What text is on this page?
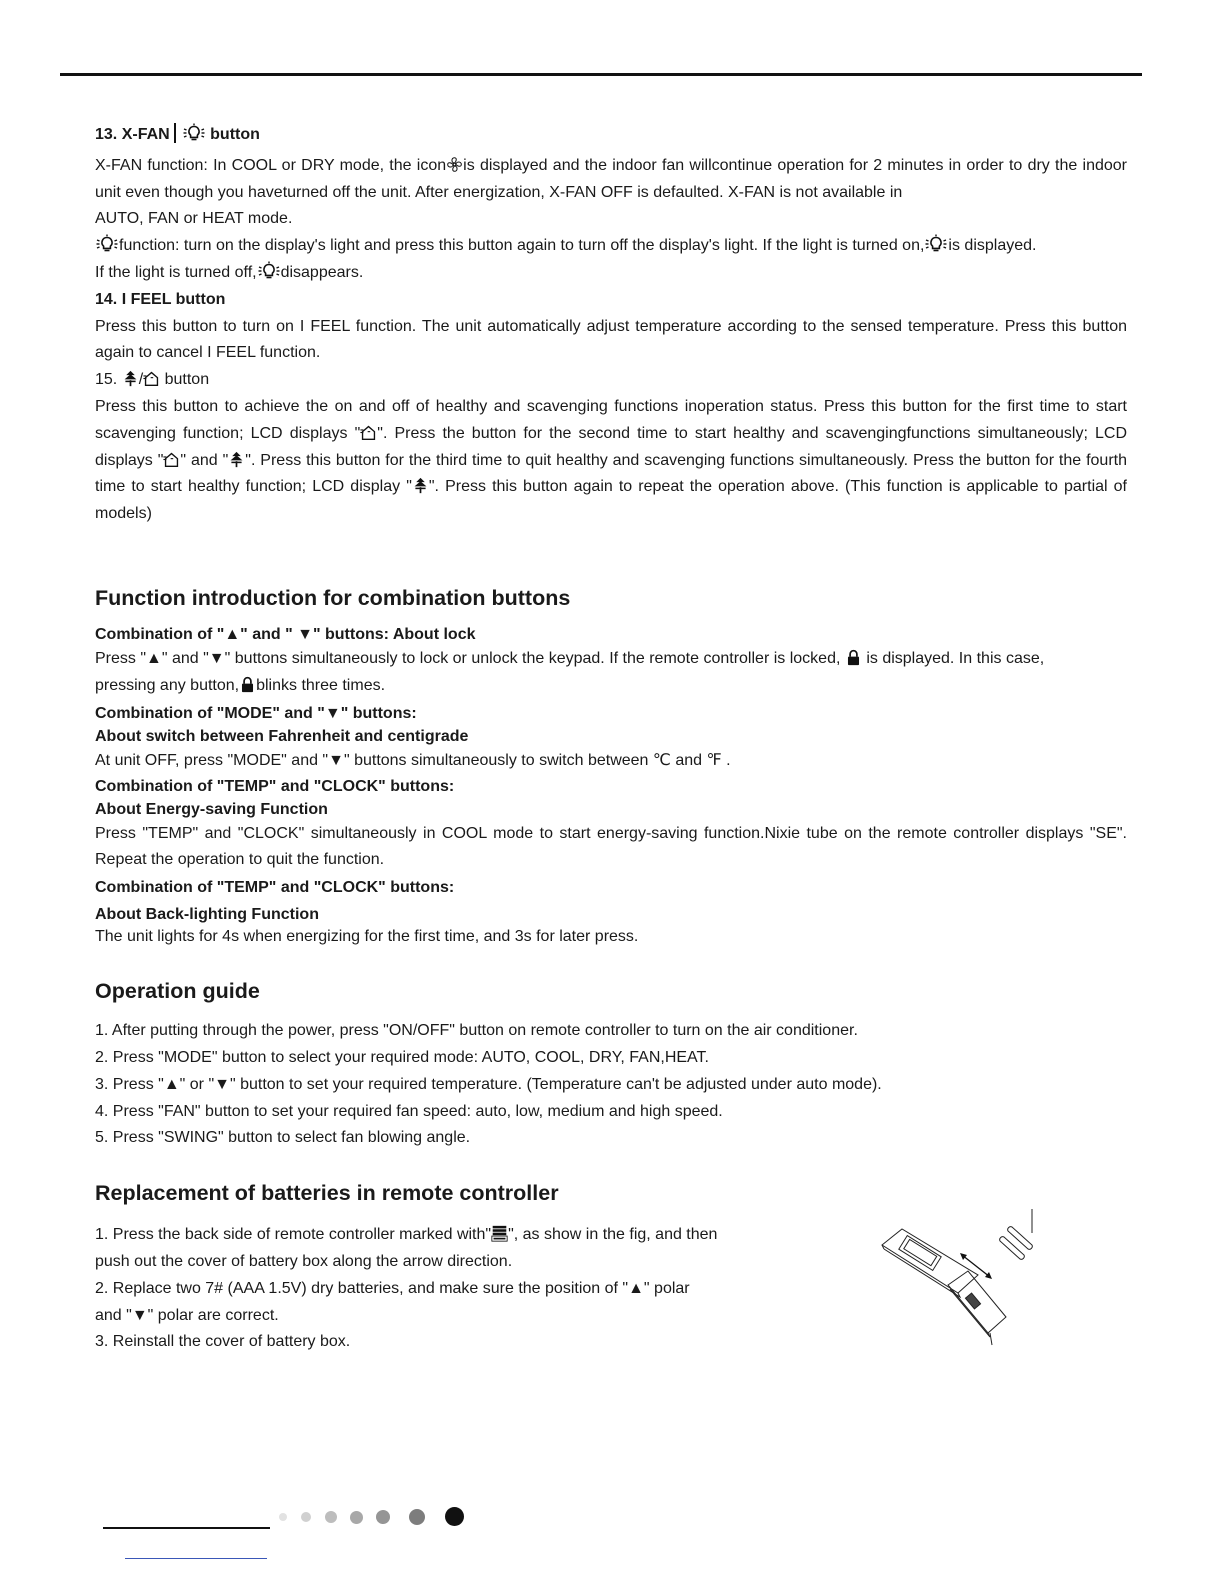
13. X-FAN	button

X-FAN function: In COOL or DRY mode, the icon is displayed and the indoor fan willcontinue operation for 2 minutes in order to dry the indoor unit even though you haveturned off the unit. After energization, X-FAN OFF is defaulted. X-FAN is not available in

AUTO, FAN or HEAT mode.

function: turn on the display's light and press this button again to turn off the display's light. If the light is turned on, is displayed.

If the light is turned off, disappears.

14. I FEEL button

Press this button to turn on I FEEL function. The unit automatically adjust temperature according to the sensed temperature. Press this button again to cancel I FEEL function.

15. / button

Press this button to achieve the on and off of healthy and scavenging functions inoperation status. Press this button for the first time to start scavenging function; LCD displays " ". Press the button for the second time to start healthy and scavengingfunctions simultaneously; LCD displays " " and " ". Press this button for the third time to quit healthy and scavenging functions simultaneously. Press the button for the fourth time to start healthy function; LCD display " ". Press this button again to repeat the operation above. (This function is applicable to partial of models)

Function introduction for combination buttons

Combination of "▲" and " ▼" buttons: About lock

Press "▲" and "▼" buttons simultaneously to lock or unlock the keypad. If the remote controller is locked, is displayed. In this case,

pressing any button, blinks three times.

Combination of "MODE" and "▼" buttons:

About switch between Fahrenheit and centigrade

At unit OFF, press "MODE" and "▼" buttons simultaneously to switch between ℃ and ℉ .

Combination of "TEMP" and "CLOCK" buttons:

About Energy-saving Function

Press "TEMP" and "CLOCK" simultaneously in COOL mode to start energy-saving function.Nixie tube on the remote controller displays "SE". Repeat the operation to quit the function.

Combination of "TEMP" and "CLOCK" buttons:

About Back-lighting Function

The unit lights for 4s when energizing for the first time, and 3s for later press.

Operation guide

1. After putting through the power, press "ON/OFF" button on remote controller to turn on the air conditioner.

2. Press "MODE" button to select your required mode: AUTO, COOL, DRY, FAN,HEAT.

3. Press "▲" or "▼" button to set your required temperature. (Temperature can't be adjusted under auto mode).

4. Press "FAN" button to set your required fan speed: auto, low, medium and high speed.

5. Press "SWING" button to select fan blowing angle.

Replacement of batteries in remote controller

1. Press the back side of remote controller marked with" ", as show in the fig, and then

push out the cover of battery box along the arrow direction.

2. Replace two 7# (AAA 1.5V) dry batteries, and make sure the position of "▲" polar

and "▼" polar are correct.

3. Reinstall the cover of battery box.
